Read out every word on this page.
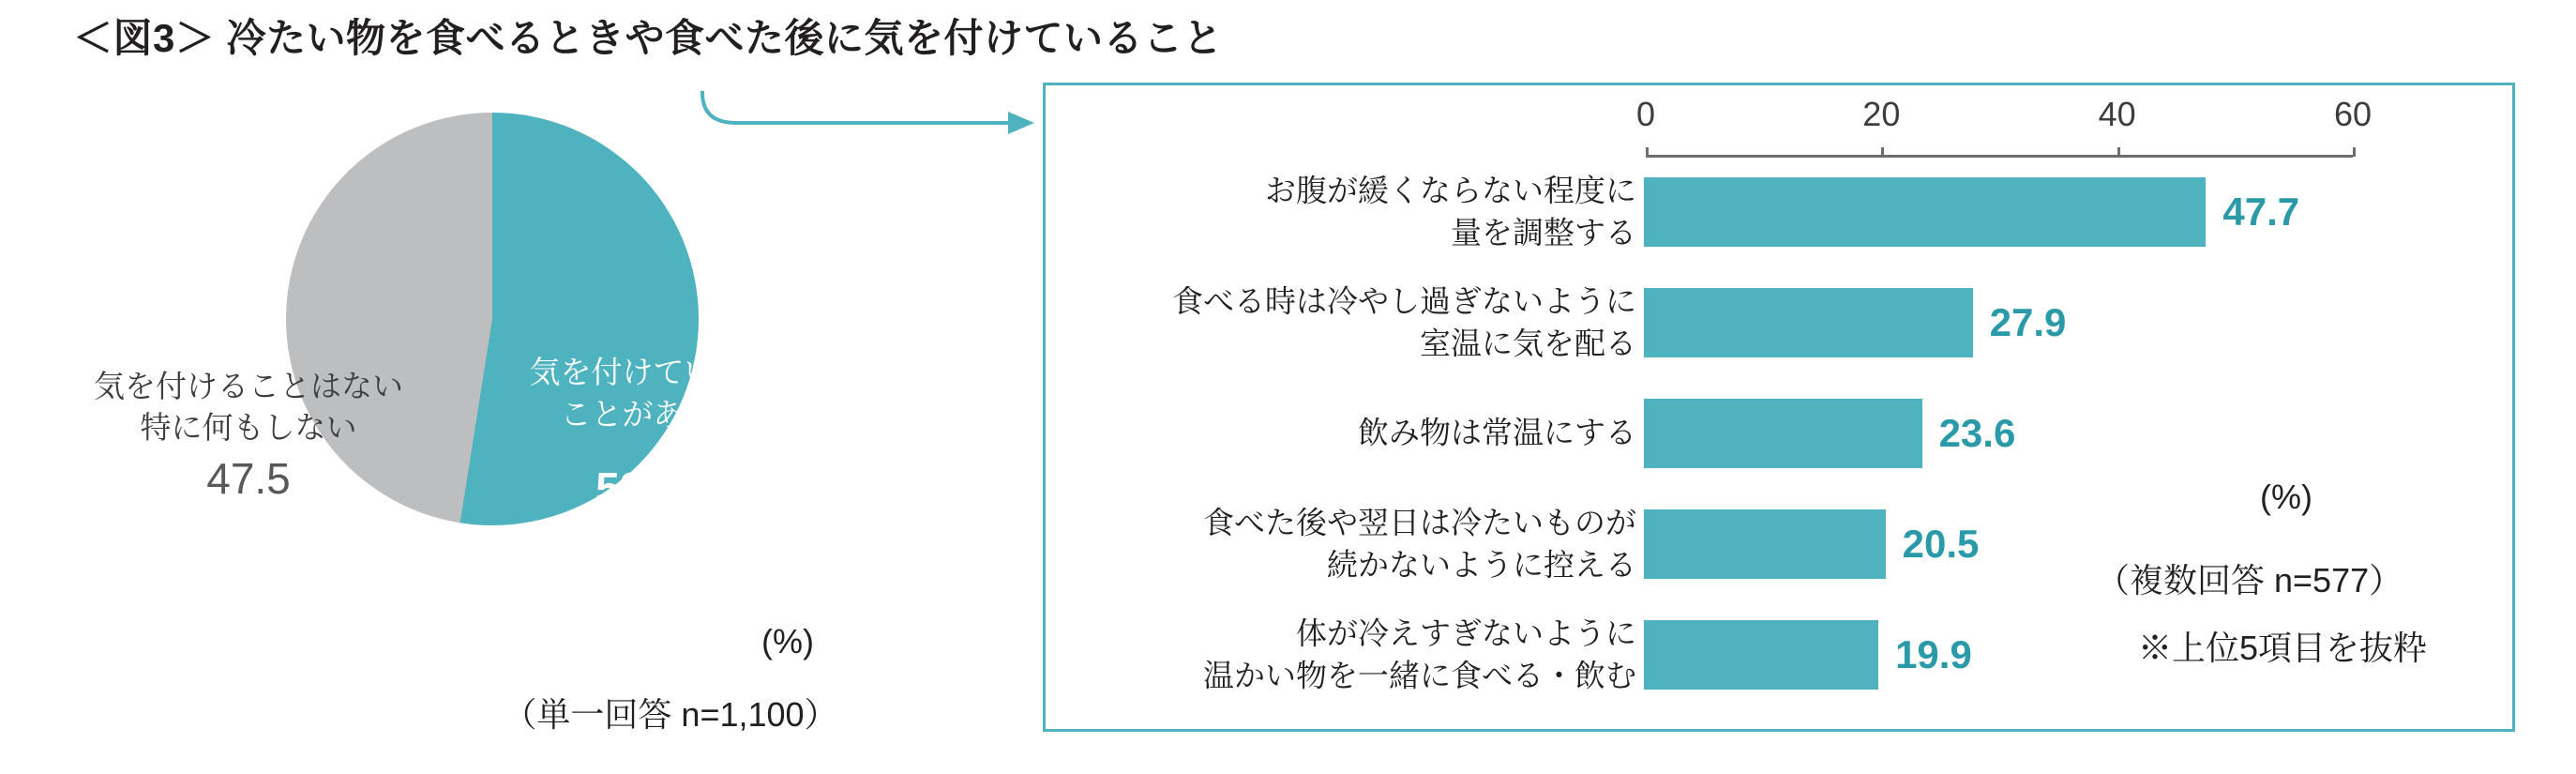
＜図3＞ 冷たい物を食べるときや食べた後に気を付けていること
気を付けることはない
特に何もしない
47.5
気を付けている
ことがある
52.5
(%)
（単一回答 n=1,100）
0	20	40	60
お腹が緩くならない程度に
量を調整する	47.7
食べる時は冷やし過ぎないように
室温に気を配る	27.9
飲み物は常温にする	23.6
食べた後や翌日は冷たいものが
続かないように控える	20.5
体が冷えすぎないように
温かい物を一緒に食べる・飲む	19.9
(%)
（複数回答 n=577）
※上位5項目を抜粋
